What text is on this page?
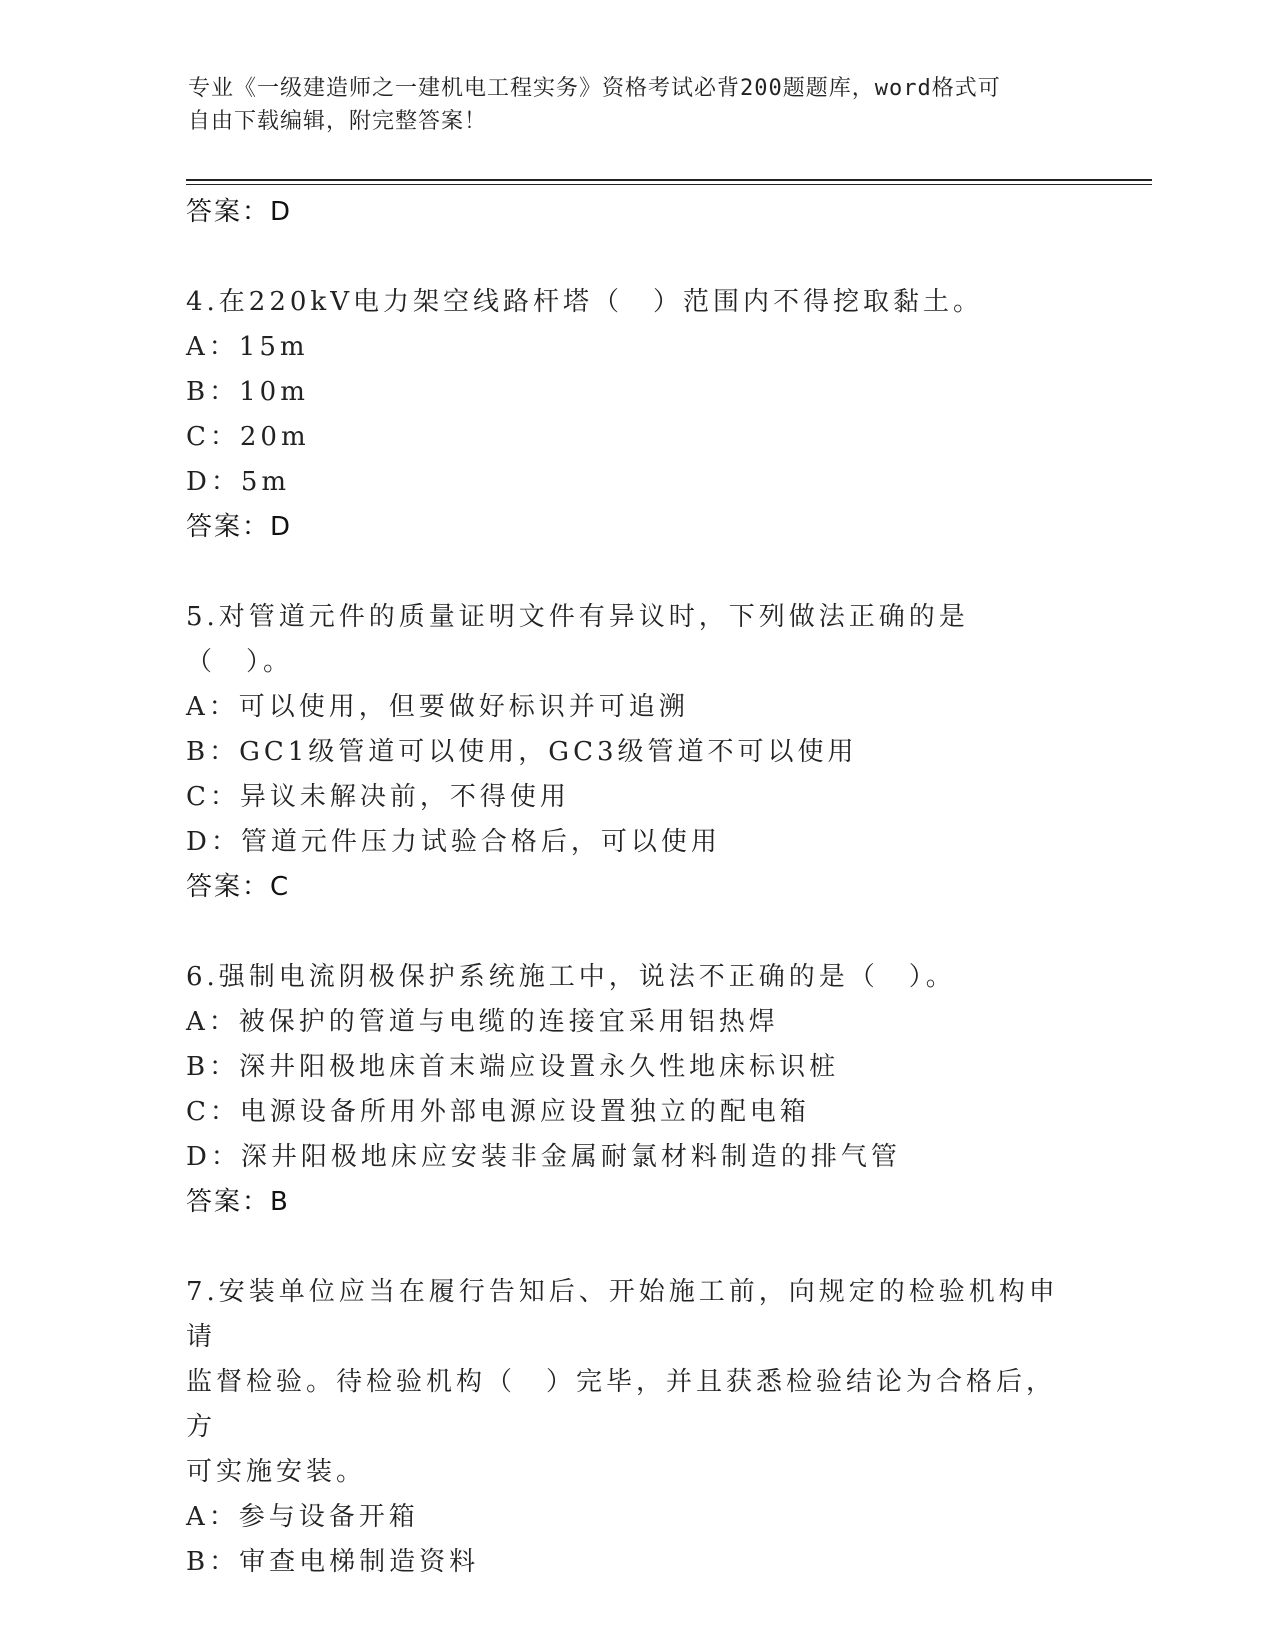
专业《一级建造师之一建机电工程实务》资格考试必背200题题库，word格式可
自由下载编辑，附完整答案！
答案：D
4.在220kV电力架空线路杆塔（　）范围内不得挖取黏土。
A：15m
B：10m
C：20m
D：5m
答案：D
5.对管道元件的质量证明文件有异议时，下列做法正确的是（　）。
A：可以使用，但要做好标识并可追溯
B：GC1级管道可以使用，GC3级管道不可以使用
C：异议未解决前，不得使用
D：管道元件压力试验合格后，可以使用
答案：C
6.强制电流阴极保护系统施工中，说法不正确的是（　）。
A：被保护的管道与电缆的连接宜采用铝热焊
B：深井阳极地床首末端应设置永久性地床标识桩
C：电源设备所用外部电源应设置独立的配电箱
D：深井阳极地床应安装非金属耐氯材料制造的排气管
答案：B
7.安装单位应当在履行告知后、开始施工前，向规定的检验机构申请
监督检验。待检验机构（　）完毕，并且获悉检验结论为合格后，方
可实施安装。
A：参与设备开箱
B：审查电梯制造资料
